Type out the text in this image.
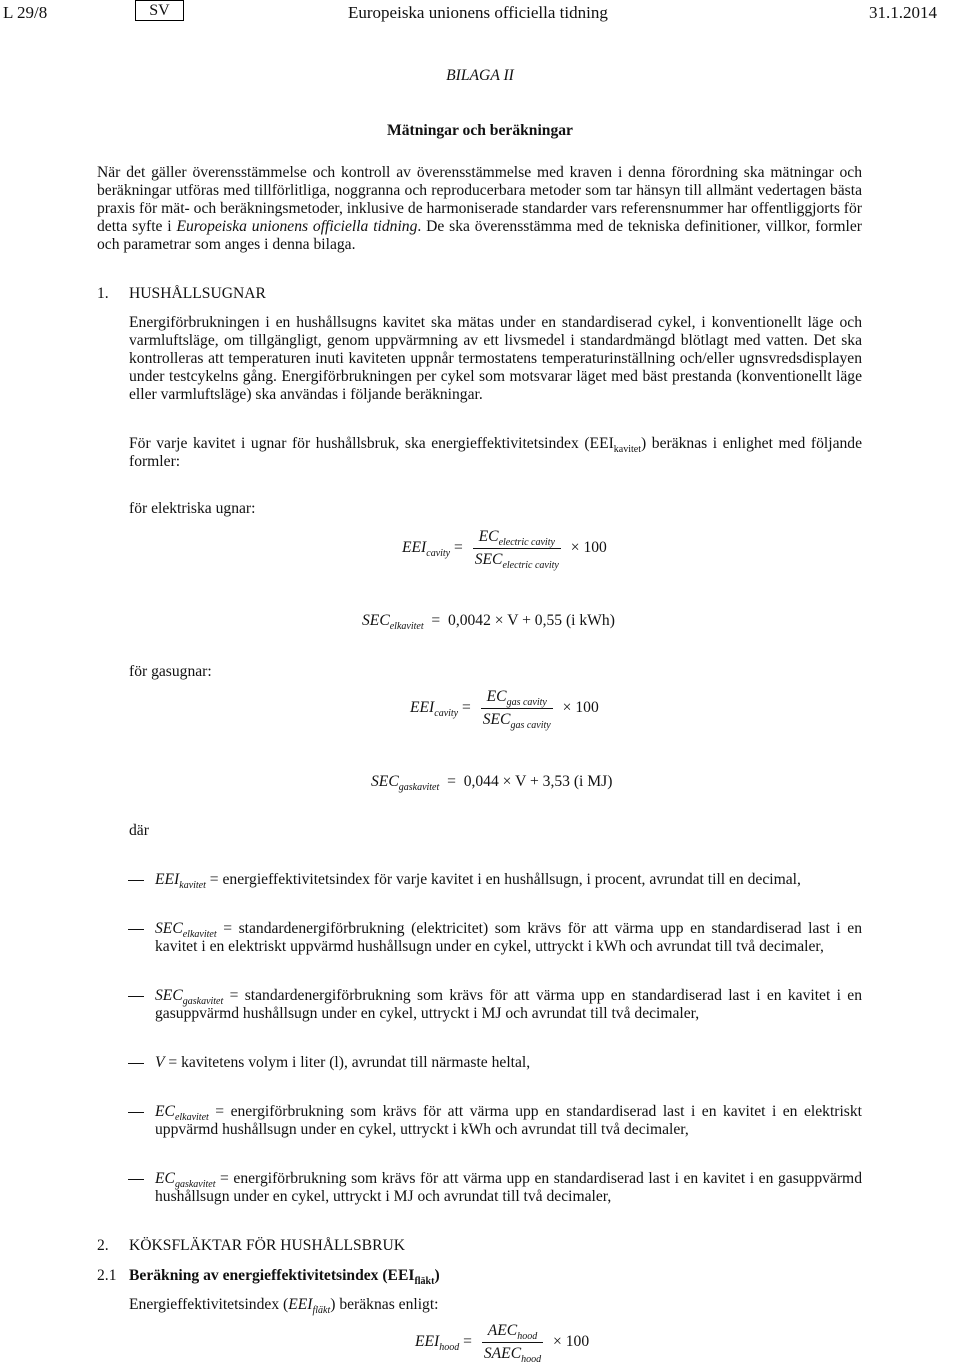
L 29/8	SV	Europeiska unionens officiella tidning	31.1.2014
BILAGA II
Mätningar och beräkningar

När det gäller överensstämmelse och kontroll av överensstämmelse med kraven i denna förordning ska mätningar och beräkningar utföras med tillförlitliga, noggranna och reproducerbara metoder som tar hänsyn till allmänt vedertagen bästa praxis för mät- och beräkningsmetoder, inklusive de harmoniserade standarder vars referensnummer har offentliggjorts för detta syfte i Europeiska unionens officiella tidning. De ska överensstämma med de tekniska definitioner, villkor, formler och parametrar som anges i denna bilaga.

1. HUSHÅLLSUGNAR

Energiförbrukningen i en hushållsugns kavitet ska mätas under en standardiserad cykel, i konventionellt läge och varmluftsläge, om tillgängligt, genom uppvärmning av ett livsmedel i standardmängd blötlagt med vatten. Det ska kontrolleras att temperaturen inuti kaviteten uppnår termostatens temperaturinställning och/eller ugnsvredsdisplayen under testcykelns gång. Energiförbrukningen per cykel som motsvarar läget med bäst prestanda (konventionellt läge eller varmluftsläge) ska användas i följande beräkningar.

För varje kavitet i ugnar för hushållsbruk, ska energieffektivitetsindex $(EEI_{kavitet})$ beräknas i enlighet med följande formler:

för elektriska ugnar:
$EEI_{cavity} = \frac{EC_{electric cavity}}{SEC_{electric cavity}} \times 100$
$SEC_{elkavitet} = 0,0042 \times V + 0,55$ (i kWh)
för gasugnar:
$EEI_{cavity} = \frac{EC_{gas cavity}}{SEC_{gas cavity}} \times 100$
$SEC_{gaskavitet} = 0,044 \times V + 3,53$ (i MJ)
där
$EEI_{kavitet}$ = energieffektivitetsindex för varje kavitet i en hushållsugn, i procent, avrundat till en decimal,
$SEC_{elkavitet}$ = standardenergiförbrukning (elektricitet) som krävs för att värma upp en standardiserad last i en kavitet i en elektriskt uppvärmd hushållsugn under en cykel, uttryckt i kWh och avrundat till två decimaler,
$SEC_{gaskavitet}$ = standardenergiförbrukning som krävs för att värma upp en standardiserad last i en kavitet i en gasuppvärmd hushållsugn under en cykel, uttryckt i MJ och avrundat till två decimaler,
V = kavitetens volym i liter (l), avrundat till närmaste heltal,
$EC_{elkavitet}$ = energiförbrukning som krävs för att värma upp en standardiserad last i en kavitet i en elektriskt uppvärmd hushållsugn under en cykel, uttryckt i kWh och avrundat till två decimaler,
$EC_{gaskavitet}$ = energiförbrukning som krävs för att värma upp en standardiserad last i en kavitet i en gasuppvärmd hushållsugn under en cykel, uttryckt i MJ och avrundat till två decimaler,
2. KÖKSFLÄKTAR FÖR HUSHÅLLSBRUK
2.1 Beräkning av energieffektivitetsindex $(EEI_{fläkt})$
Energieffektivitetsindex $(EEI_{fläkt})$ beräknas enligt:
$EEI_{hood} = \frac{AEC_{hood}}{SAEC_{hood}} \times 100$
